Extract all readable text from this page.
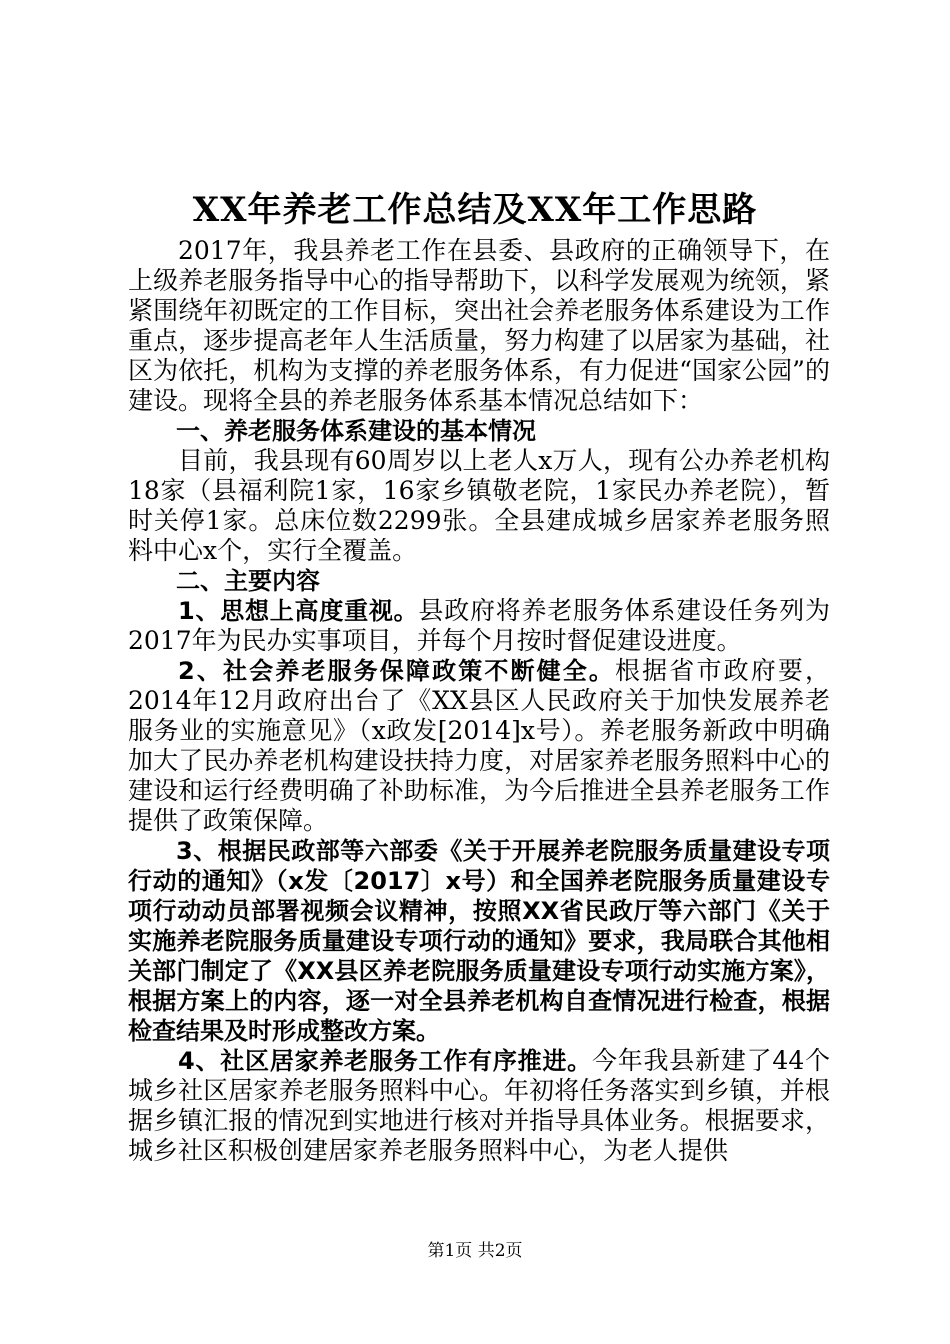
XX年养老工作总结及XX年工作思路

2017年，我县养老工作在县委、县政府的正确领导下，在上级养老服务指导中心的指导帮助下，以科学发展观为统领，紧紧围绕年初既定的工作目标，突出社会养老服务体系建设为工作重点，逐步提高老年人生活质量，努力构建了以居家为基础，社区为依托，机构为支撑的养老服务体系，有力促进“国家公园”的建设。现将全县的养老服务体系基本情况总结如下：

一、养老服务体系建设的基本情况

目前，我县现有60周岁以上老人x万人，现有公办养老机构18家（县福利院1家，16家乡镇敬老院，1家民办养老院），暂时关停1家。总床位数2299张。全县建成城乡居家养老服务照料中心x个，实行全覆盖。

二、主要内容

1、思想上高度重视。县政府将养老服务体系建设任务列为2017年为民办实事项目，并每个月按时督促建设进度。

2、社会养老服务保障政策不断健全。根据省市政府要，2014年12月政府出台了《XX县区人民政府关于加快发展养老服务业的实施意见》（x政发[2014]x号）。养老服务新政中明确加大了民办养老机构建设扶持力度，对居家养老服务照料中心的建设和运行经费明确了补助标准，为今后推进全县养老服务工作提供了政策保障。

3、根据民政部等六部委《关于开展养老院服务质量建设专项行动的通知》（x发〔2017〕x号）和全国养老院服务质量建设专项行动动员部署视频会议精神，按照XX省民政厅等六部门《关于实施养老院服务质量建设专项行动的通知》要求，我局联合其他相关部门制定了《XX县区养老院服务质量建设专项行动实施方案》，根据方案上的内容，逐一对全县养老机构自查情况进行检查，根据检查结果及时形成整改方案。

4、社区居家养老服务工作有序推进。今年我县新建了44个城乡社区居家养老服务照料中心。年初将任务落实到乡镇，并根据乡镇汇报的情况到实地进行核对并指导具体业务。根据要求，城乡社区积极创建居家养老服务照料中心，为老人提供

第1页 共2页
